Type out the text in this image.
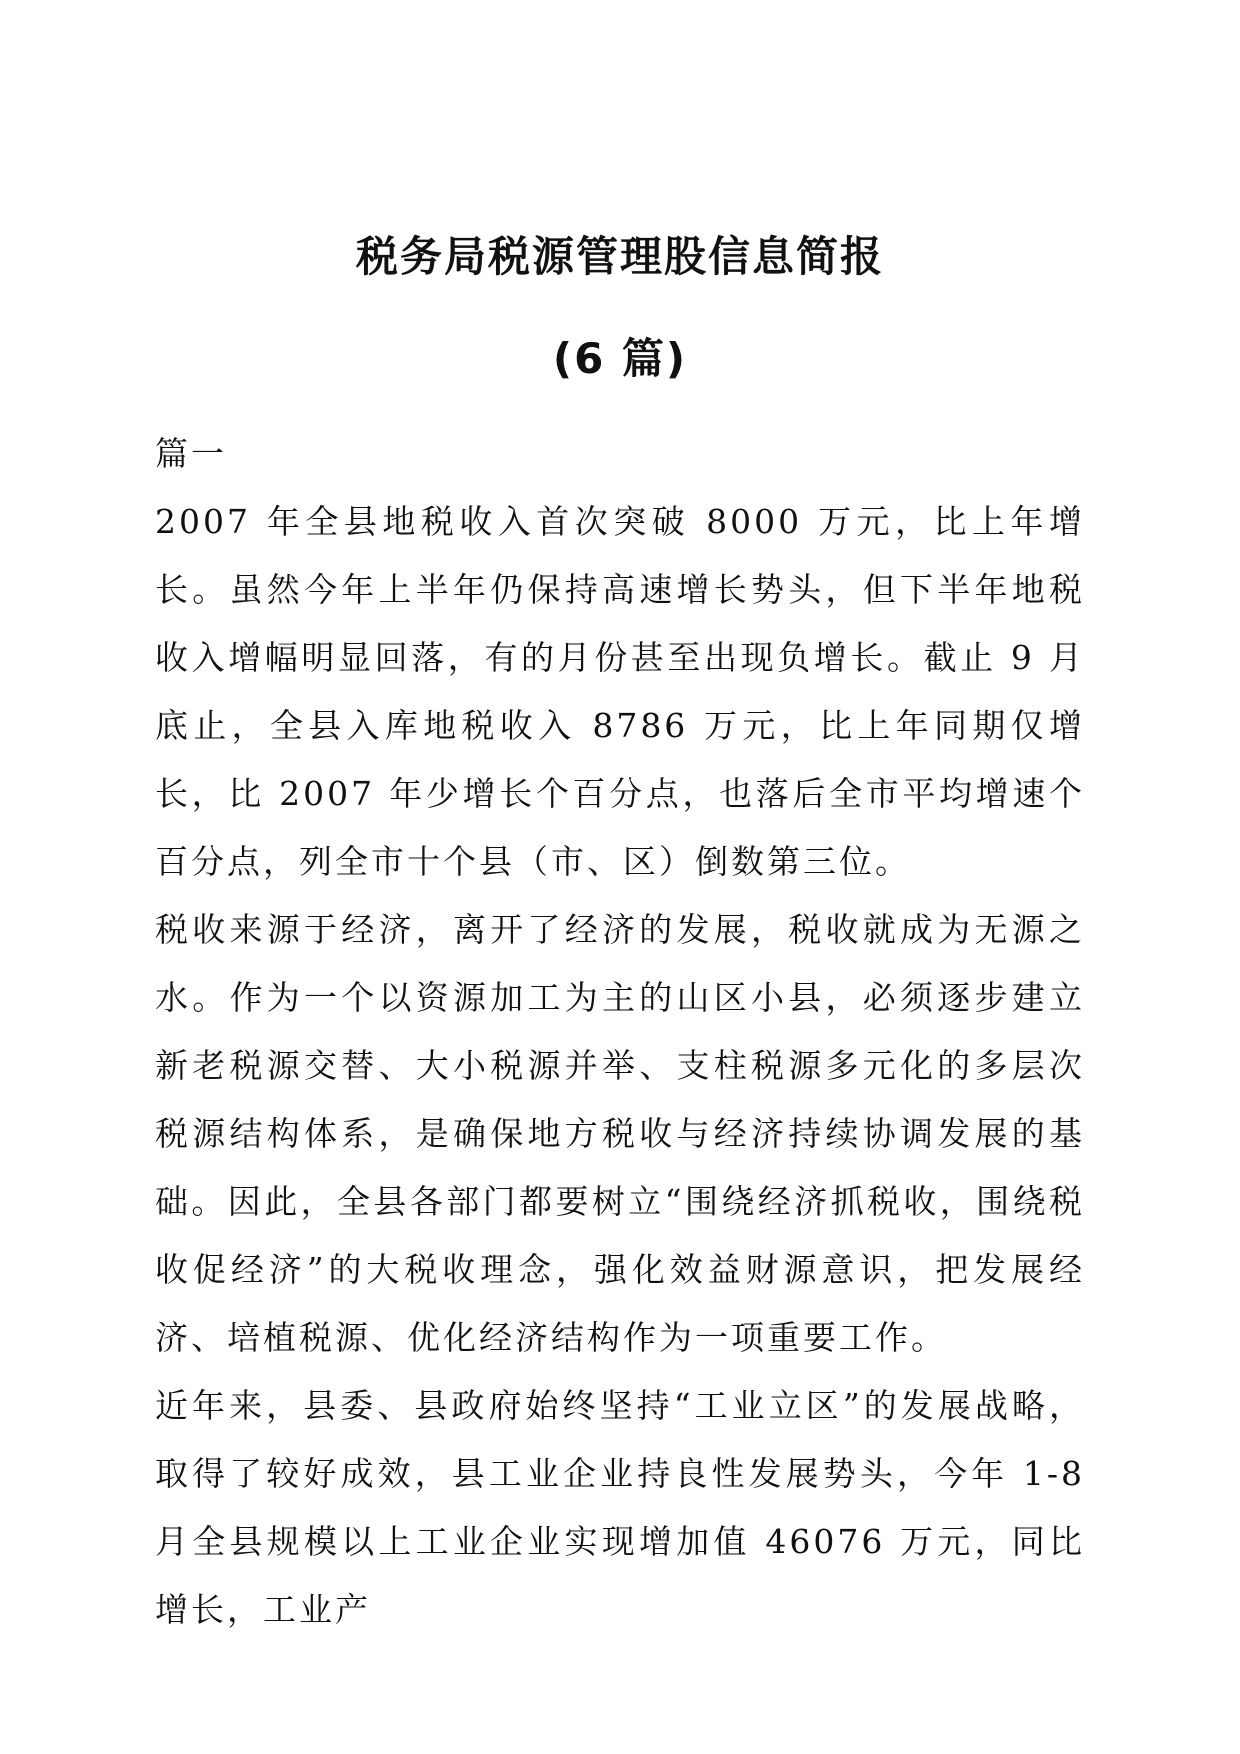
税务局税源管理股信息简报
(6 篇)

篇一

2007 年全县地税收入首次突破 8000 万元，比上年增长。虽然今年上半年仍保持高速增长势头，但下半年地税收入增幅明显回落，有的月份甚至出现负增长。截止 9 月底止，全县入库地税收入 8786 万元，比上年同期仅增长，比 2007 年少增长个百分点，也落后全市平均增速个百分点，列全市十个县（市、区）倒数第三位。

税收来源于经济，离开了经济的发展，税收就成为无源之水。作为一个以资源加工为主的山区小县，必须逐步建立新老税源交替、大小税源并举、支柱税源多元化的多层次税源结构体系，是确保地方税收与经济持续协调发展的基础。因此，全县各部门都要树立“围绕经济抓税收，围绕税收促经济”的大税收理念，强化效益财源意识，把发展经济、培植税源、优化经济结构作为一项重要工作。

近年来，县委、县政府始终坚持“工业立区”的发展战略，取得了较好成效，县工业企业持良性发展势头，今年 1-8 月全县规模以上工业企业实现增加值 46076 万元，同比增长，工业产
